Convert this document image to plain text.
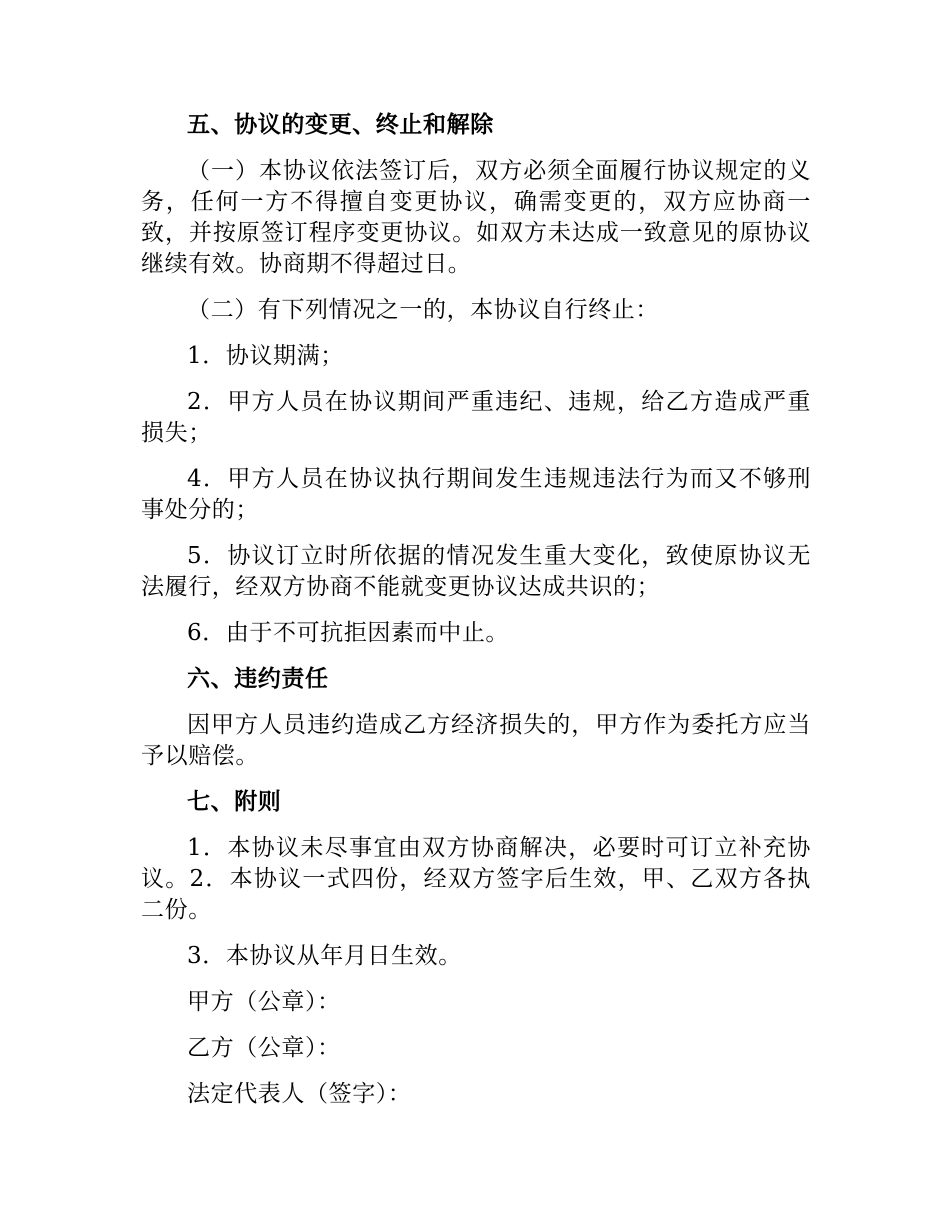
五、协议的变更、终止和解除
（一）本协议依法签订后，双方必须全面履行协议规定的义务，任何一方不得擅自变更协议，确需变更的，双方应协商一致，并按原签订程序变更协议。如双方未达成一致意见的原协议继续有效。协商期不得超过日。
（二）有下列情况之一的，本协议自行终止：
1．协议期满；
2．甲方人员在协议期间严重违纪、违规，给乙方造成严重损失；
4．甲方人员在协议执行期间发生违规违法行为而又不够刑事处分的；
5．协议订立时所依据的情况发生重大变化，致使原协议无法履行，经双方协商不能就变更协议达成共识的；
6．由于不可抗拒因素而中止。
六、违约责任
因甲方人员违约造成乙方经济损失的，甲方作为委托方应当予以赔偿。
七、附则
1．本协议未尽事宜由双方协商解决，必要时可订立补充协议。2．本协议一式四份，经双方签字后生效，甲、乙双方各执二份。
3．本协议从年月日生效。
甲方（公章）：
乙方（公章）：
法定代表人（签字）：
